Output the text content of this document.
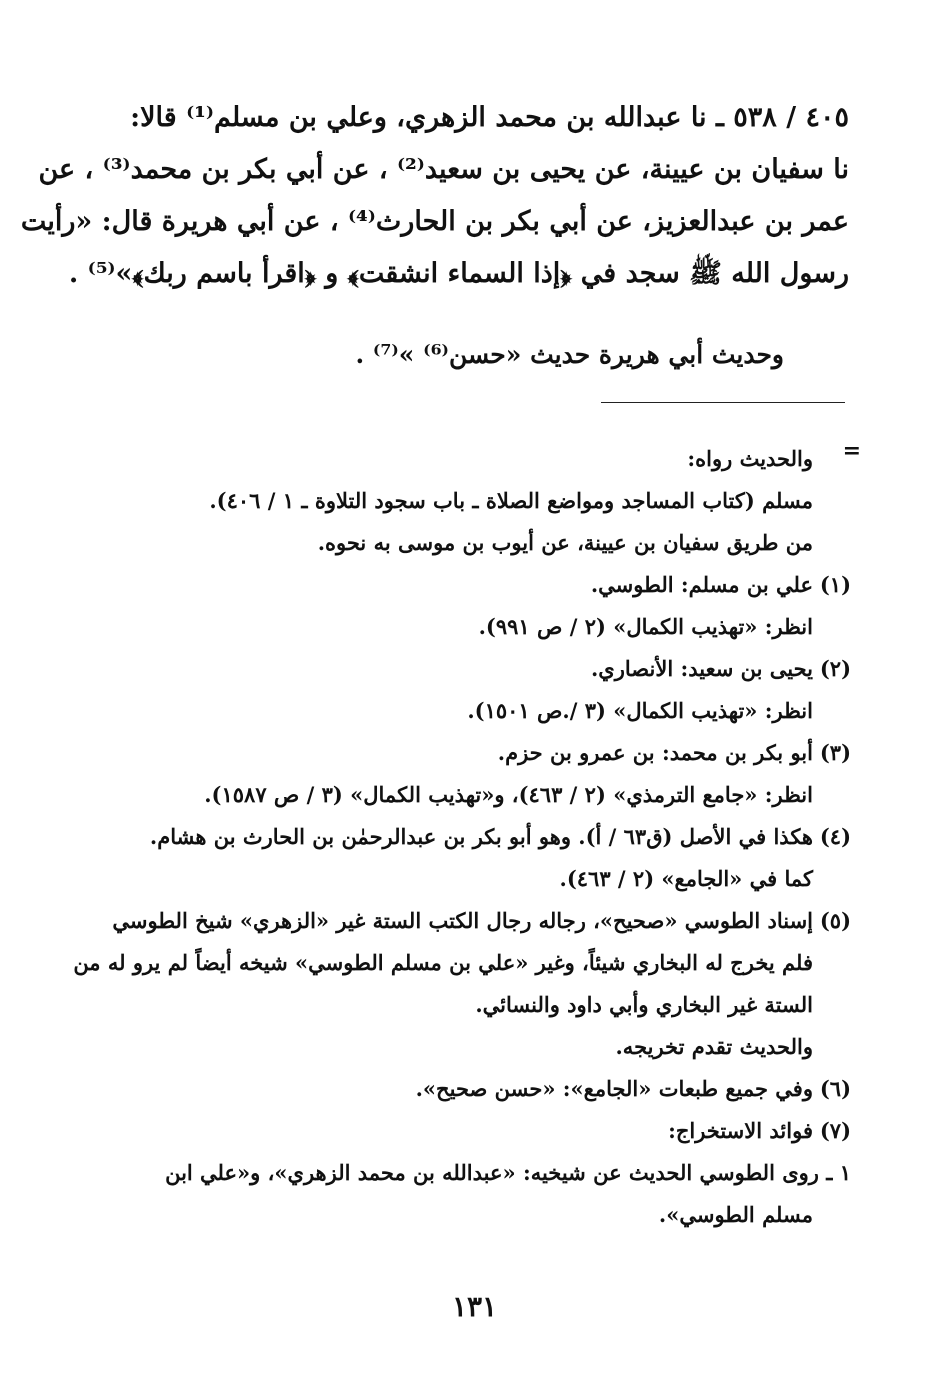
٤٠٥ / ٥٣٨ ـ نا عبدالله بن محمد الزهري، وعلي بن مسلم⁽¹⁾ قالا:
نا سفيان بن عيينة، عن يحيى بن سعيد⁽²⁾ ، عن أبي بكر بن محمد⁽³⁾ ، عن
عمر بن عبدالعزيز، عن أبي بكر بن الحارث⁽⁴⁾ ، عن أبي هريرة قال: «رأيت
رسول الله ﷺ سجد في ﴿إذا السماء انشقت﴾ و ﴿اقرأ باسم ربك﴾»⁽⁵⁾ .
وحديث أبي هريرة حديث «حسن⁽⁶⁾ »⁽⁷⁾ .
=
والحديث رواه:
مسلم (كتاب المساجد ومواضع الصلاة ـ باب سجود التلاوة ـ ١ / ٤٠٦).
من طريق سفيان بن عيينة، عن أيوب بن موسى به نحوه.
(١)
علي بن مسلم: الطوسي.
انظر: «تهذيب الكمال» (٢ / ص ٩٩١).
(٢)
يحيى بن سعيد: الأنصاري.
انظر: «تهذيب الكمال» (٣ /.ص ١٥٠١).
(٣)
أبو بكر بن محمد: بن عمرو بن حزم.
انظر: «جامع الترمذي» (٢ / ٤٦٣)، و«تهذيب الكمال» (٣ / ص ١٥٨٧).
(٤)
هكذا في الأصل (ق٦٣ / أ). وهو أبو بكر بن عبدالرحمٰن بن الحارث بن هشام.
كما في «الجامع» (٢ / ٤٦٣).
(٥)
إسناد الطوسي «صحيح»، رجاله رجال الكتب الستة غير «الزهري» شيخ الطوسي
فلم يخرج له البخاري شيئاً، وغير «علي بن مسلم الطوسي» شيخه أيضاً لم يرو له من
الستة غير البخاري وأبي داود والنسائي.
والحديث تقدم تخريجه.
(٦)
وفي جميع طبعات «الجامع»: «حسن صحيح».
(٧)
فوائد الاستخراج:
١ ـ روى الطوسي الحديث عن شيخيه: «عبدالله بن محمد الزهري»، و«علي ابن
مسلم الطوسي».
١٣١
